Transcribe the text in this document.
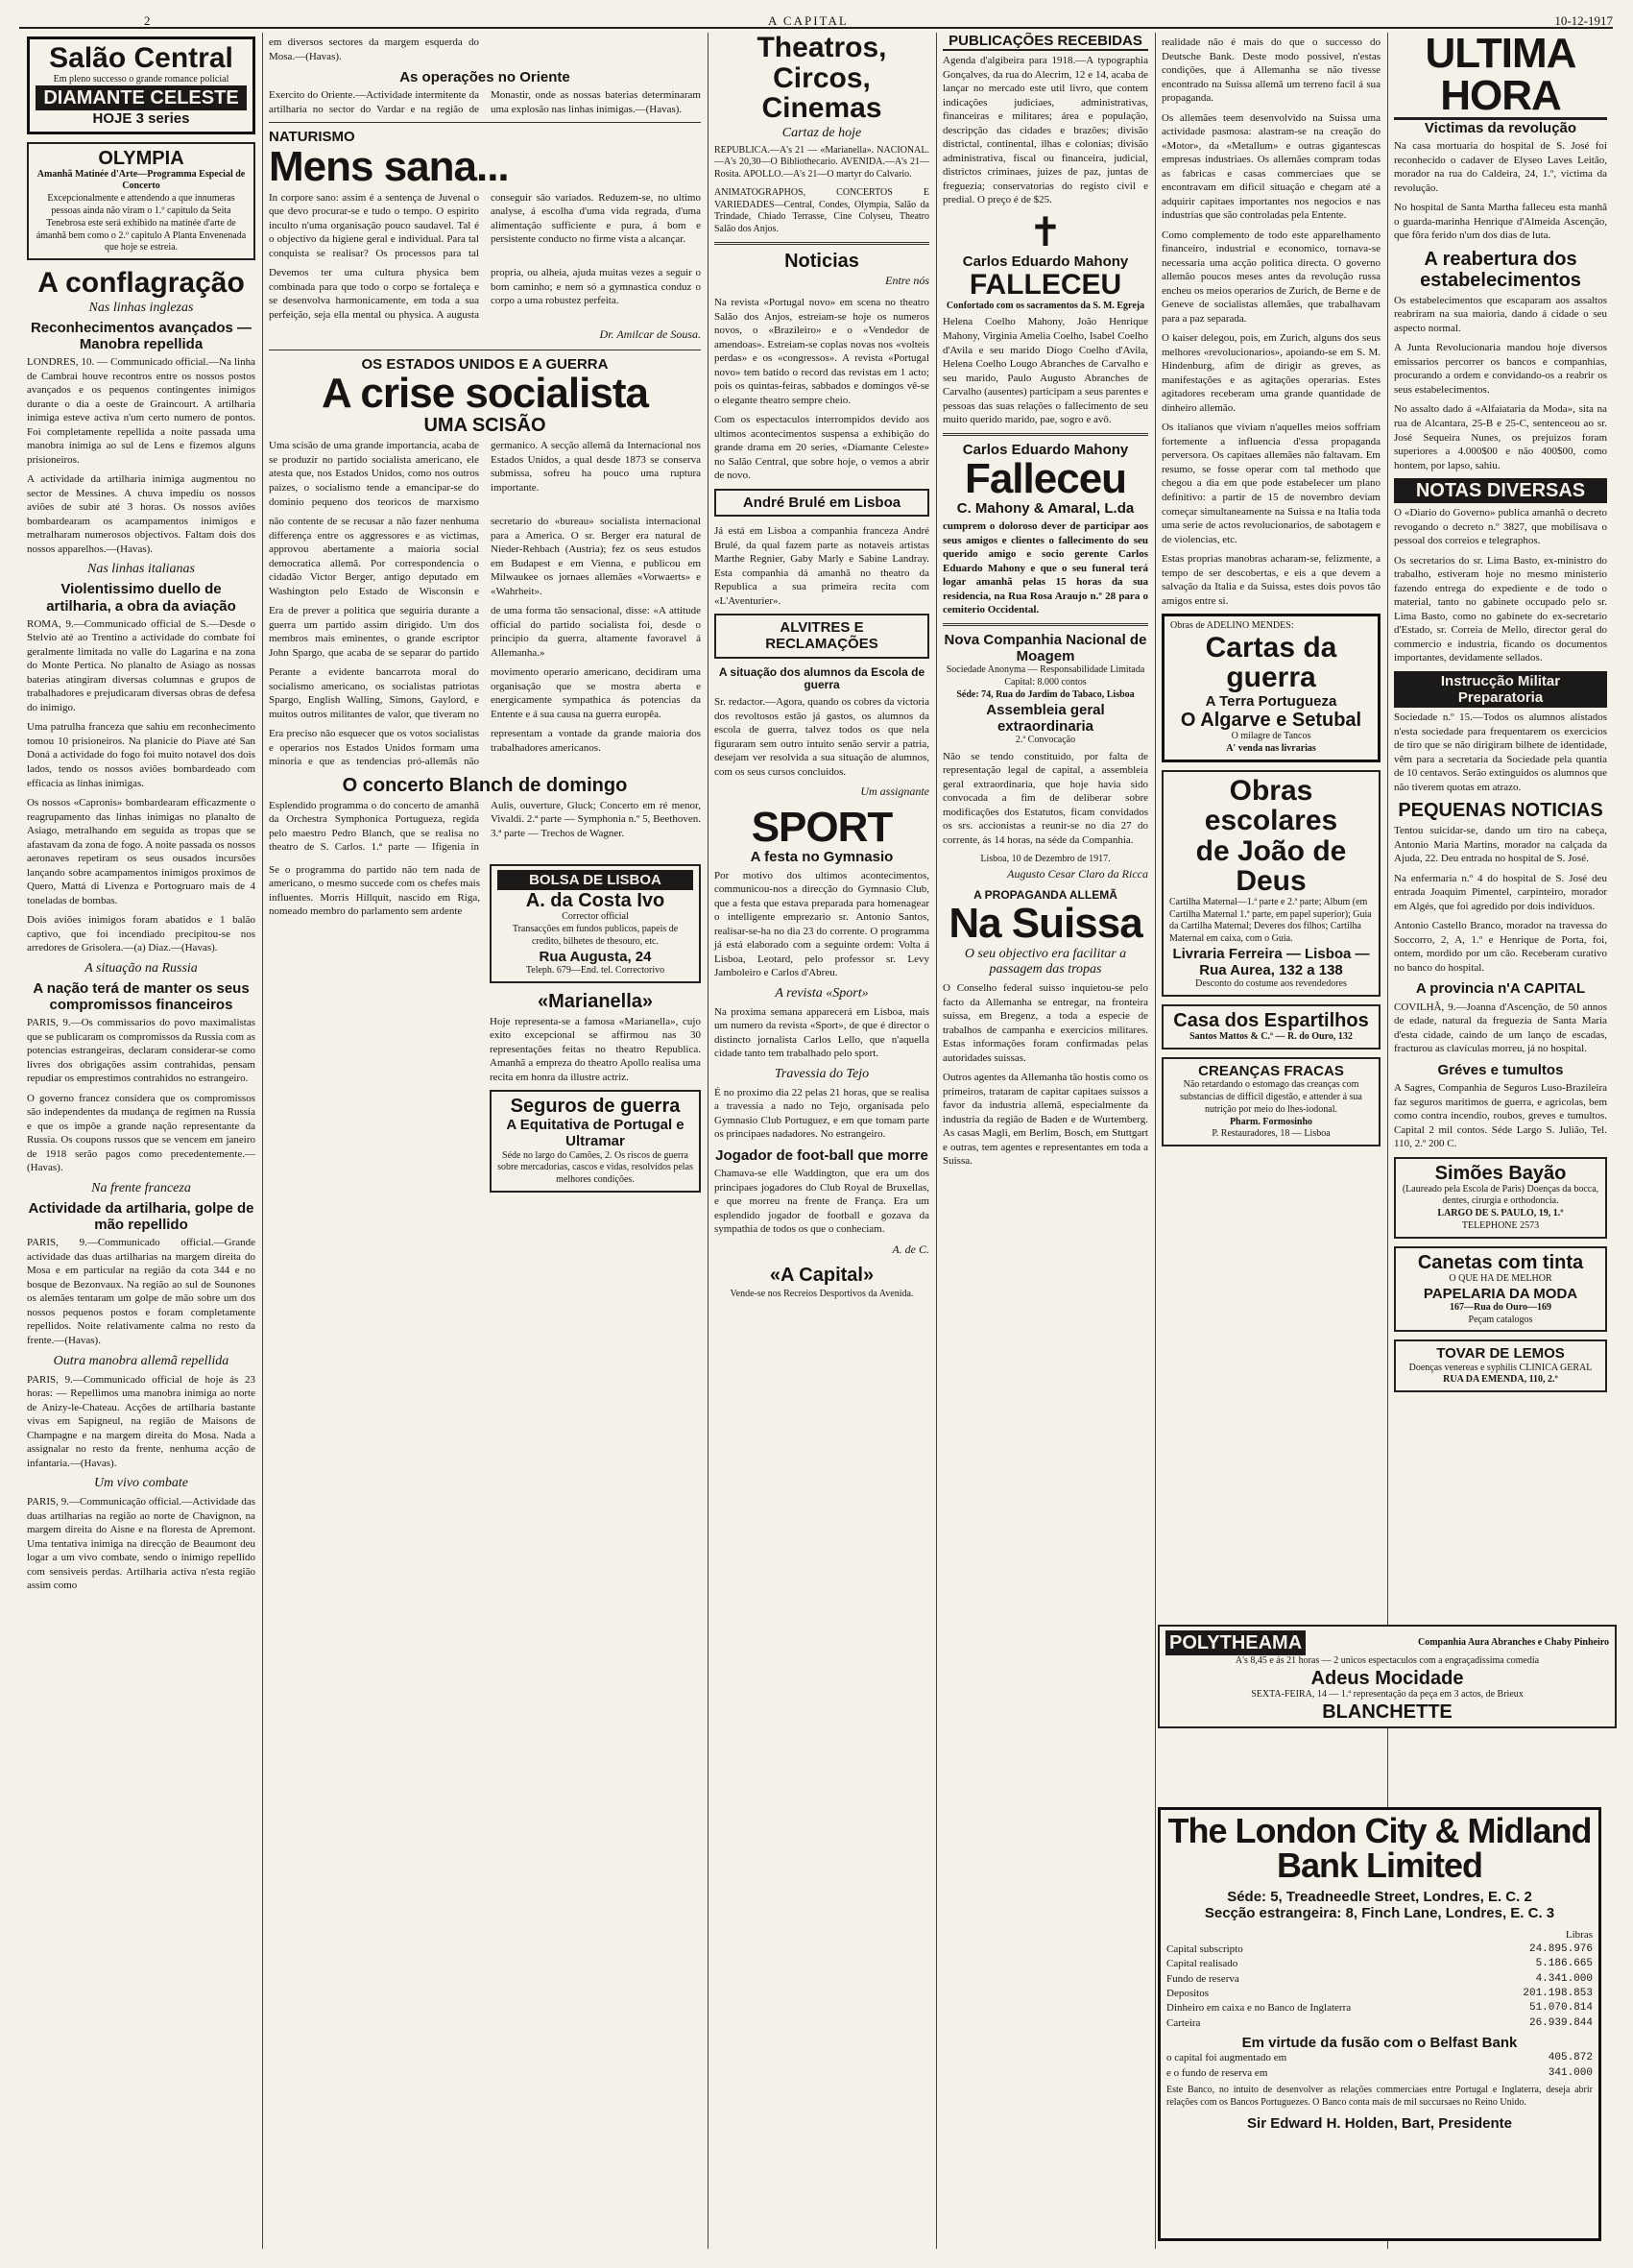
2	A CAPITAL	10-12-1917
Salão Central
Em pleno successo o grande romance policial
DIAMANTE CELESTE
HOJE 3 series
OLYMPIA
Amanhã Matinée d'Arte—Programma Especial de Concerto
Excepcionalmente e attendendo a que innumeras pessoas ainda não viram o 1.º capitulo da Seita Tenebrosa este será exhibido na matinée d'arte de ámanhã bem como o 2.º capitulo A Planta Envenenada que hoje se estreia.
A conflagração
Nas linhas inglezas
Reconhecimentos avançados —Manobra repellida

LONDRES, 10. — Communicado official.—Na linha de Cambrai houve recontros entre os nossos postos avançados e os pequenos contingentes inimigos durante o dia a oeste de Graincourt. A artilharia inimiga esteve activa n'um certo numero de pontos. Foi completamente repellida a noite passada uma manobra inimiga ao sul de Lens e fizemos alguns prisioneiros.

A actividade da artilharia inimiga augmentou no sector de Messines. A chuva impediu os nossos aviões de subir até 3 horas. Os nossos aviões bombardearam os acampamentos inimigos e metralharam numerosos objectivos. Faltam dois dos nossos apparelhos.—(Havas).

Nas linhas italianas
Violentissimo duello de artilharia, a obra da aviação

ROMA, 9.—Communicado official de S.—Desde o Stelvio até ao Trentino a actividade do combate foi geralmente limitada no valle do Lagarina e na zona do Monte Pertica. No planalto de Asiago as nossas baterias atingiram diversas columnas e grupos de trabalhadores e prejudicaram diversas obras de defesa do inimigo.

Uma patrulha franceza que sahiu em reconhecimento tomou 10 prisioneiros. Na planicie do Piave até San Doná a actividade do fogo foi muito notavel dos dois lados, tendo os nossos aviões bombardeado com efficacia as linhas inimigas.

Os nossos «Capronis» bombardearam efficazmente o reagrupamento das linhas inimigas no planalto de Asiago, metralhando em seguida as tropas que se afastavam da zona de fogo. A noite passada os nossos aeronaves repetiram os seus ousados incursões lançando sobre acampamentos inimigos proximos de Quero, Mattá di Livenza e Portogruaro mais de 4 toneladas de bombas.

Dois aviões inimigos foram abatidos e 1 balão captivo, que foi incendiado precipitou-se nos arredores de Grisolera.—(a) Diaz.—(Havas).

A situação na Russia
A nação terá de manter os seus compromissos financeiros

PARIS, 9.—Os commissarios do povo maximalistas que se publicaram os compromissos da Russia com as potencias estrangeiras, declaram considerar-se como livres dos obrigações assim contrahidas, pensam repudiar os emprestimos contrahidos no estrangeiro.

O governo francez considera que os compromissos são independentes da mudança de regimen na Russia e que os impõe a grande nação representante da Russia. Os coupons russos que se vencem em janeiro de 1918 serão pagos como precedentemente.—(Havas).

Na frente franceza
Actividade da artilharia, golpe de mão repellido

PARIS, 9.—Communicado official.—Grande actividade das duas artilharias na margem direita do Mosa e em particular na região da cota 344 e no bosque de Bezonvaux. Na região ao sul de Sounones os alemães tentaram um golpe de mão sobre um dos nossos pequenos postos e foram completamente repellidos. Noite relativamente calma no resto da frente.—(Havas).

Outra manobra allemã repellida

PARIS, 9.—Communicado official de hoje ás 23 horas: — Repellimos uma manobra inimiga ao norte de Anizy-le-Chateau. Acções de artilharia bastante vivas em Sapigneul, na região de Maisons de Champagne e na margem direita do Mosa. Nada a assignalar no resto da frente, nenhuma acção de infantaria.—(Havas).

Um vivo combate

PARIS, 9.—Communicação official.—Actividade das duas artilharias na região ao norte de Chavignon, na margem direita do Aisne e na floresta de Apremont. Uma tentativa inimiga na direcção de Beaumont deu logar a um vivo combate, sendo o inimigo repellido com sensiveis perdas. Artilharia activa n'esta região assim como

em diversos sectores da margem esquerda do Mosa.—(Havas).

As operações no Oriente

Exercito do Oriente.—Actividade intermitente da artilharia no sector do Vardar e na região de Monastir, onde as nossas baterias determinaram uma explosão nas linhas inimigas.—(Havas).

NATURISMO
Mens sana...

In corpore sano: assim é a sentença de Juvenal o que devo procurar-se e tudo o tempo. O espirito inculto n'uma organisação pouco saudavel. Tal é o objectivo da higiene geral e individual. Para tal conquista se realisar? Os processos para tal conseguir são variados. Reduzem-se, no ultimo analyse, á escolha d'uma vida regrada, d'uma alimentação sufficiente e pura, á bom e persistente conducto no firme vista a alcançar.

Devemos ter uma cultura physica bem combinada para que todo o corpo se fortaleça e se desenvolva harmonicamente, em toda a sua perfeição, seja ella mental ou physica. A augusta propria, ou alheia, ajuda muitas vezes a seguir o bom caminho; e nem só a gymnastica conduz o corpo a uma robustez perfeita.

Dr. Amilcar de Sousa.
OS ESTADOS UNIDOS E A GUERRA
A crise socialista
UMA SCISÃO

Uma scisão de uma grande importancia, acaba de se produzir no partido socialista americano, ele atesta que, nos Estados Unidos, como nos outros paizes, o socialismo tende a emancipar-se do dominio pequeno dos teoricos de marxismo germanico. A secção allemã da Internacional nos Estados Unidos, a qual desde 1873 se conserva submissa, sofreu ha pouco uma ruptura importante.

não contente de se recusar a não fazer nenhuma differença entre os aggressores e as victimas, approvou abertamente a maioria social democratica allemã. Por correspondencia o cidadão Victor Berger, antigo deputado em Washington pelo Estado de Wisconsin e secretario do «bureau» socialista internacional para a America. O sr. Berger era natural de Nieder-Rehbach (Austria); fez os seus estudos em Budapest e em Vienna, e publicou em Milwaukee os jornaes allemães «Vorwaerts» e «Wahrheit».

Era de prever a politica que seguiria durante a guerra um partido assim dirigido. Um dos membros mais eminentes, o grande escriptor John Spargo, que acaba de se separar do partido de uma forma tão sensacional, disse: «A attitude official do partido socialista foi, desde o principio da guerra, altamente favoravel á Allemanha.»

Perante a evidente bancarrota moral do socialismo americano, os socialistas patriotas Spargo, English Walling, Simons, Gaylord, e muitos outros militantes de valor, que tiveram no movimento operario americano, decidiram uma organisação que se mostra aberta e energicamente sympathica ás potencias da Entente e á sua causa na guerra europêa.

Era preciso não esquecer que os votos socialistas e operarios nos Estados Unidos formam uma minoria e que as tendencias pró-allemãs não representam a vontade da grande maioria dos trabalhadores americanos.

O concerto Blanch de domingo

Esplendido programma o do concerto de amanhã da Orchestra Symphonica Portugueza, regida pelo maestro Pedro Blanch, que se realisa no theatro de S. Carlos. 1.ª parte — Ifigenia in Aulis, ouverture, Gluck; Concerto em ré menor, Vivaldi. 2.ª parte — Symphonia n.º 5, Beethoven. 3.ª parte — Trechos de Wagner.

Se o programma do partido não tem nada de americano, o mesmo succede com os chefes mais influentes. Morris Hillquit, nascido em Riga, nomeado membro do parlamento sem ardente

BOLSA DE LISBOA
A. da Costa Ivo
Corrector official
Transacções em fundos publicos, papeis de credito, bilhetes de thesouro, etc.
Rua Augusta, 24
Teleph. 679—End. tel. Correctorivo
«Marianella»

Hoje representa-se a famosa «Marianella», cujo exito excepcional se affirmou nas 30 representações feitas no theatro Republica. Amanhã a empreza do theatro Apollo realisa uma recita em honra da illustre actriz.

Seguros de guerra
A Equitativa de Portugal e Ultramar
Séde no largo do Camões, 2. Os riscos de guerra sobre mercadorias, cascos e vidas, resolvidos pelas melhores condições.
Theatros, Circos, Cinemas
Cartaz de hoje

REPUBLICA.—A's 21 — «Marianella». NACIONAL.—A's 20,30—O Bibliothecario. AVENIDA.—A's 21—Rosita. APOLLO.—A's 21—O martyr do Calvario.

ANIMATOGRAPHOS, CONCERTOS E VARIEDADES—Central, Condes, Olympia, Salão da Trindade, Chiado Terrasse, Cine Colyseu, Theatro Salão dos Anjos.

Noticias
Entre nós

Na revista «Portugal novo» em scena no theatro Salão dos Anjos, estreiam-se hoje os numeros novos, o «Brazileiro» e o «Vendedor de amendoas». Estreiam-se coplas novas nos «volteis perdas» e os «congressos». A revista «Portugal novo» tem batido o record das revistas em 1 acto; pois os quintas-feiras, sabbados e domingos vê-se o elegante theatro sempre cheio.

Com os espectaculos interrompidos devido aos ultimos acontecimentos suspensa a exhibição do grande drama em 20 series, «Diamante Celeste» no Salão Central, que sobre hoje, o vemos a abrir de novo.

André Brulé em Lisboa

Já está em Lisboa a companhia franceza André Brulé, da qual fazem parte as notaveis artistas Marthe Regnier, Gaby Marly e Sabine Landray. Esta companhia dá amanhã no theatro da Republica a sua primeira recita com «L'Aventurier».

ALVITRES E RECLAMAÇÕES
A situação dos alumnos da Escola de guerra

Sr. redactor.—Agora, quando os cobres da victoria dos revoltosos estão já gastos, os alumnos da escola de guerra, talvez todos os que nela figuraram sem outro intuito senão servir a patria, desejam ver resolvida a sua situação de alumnos, com os seus cursos concluidos.

Um assignante
SPORT
A festa no Gymnasio

Por motivo dos ultimos acontecimentos, communicou-nos a direcção do Gymnasio Club, que a festa que estava preparada para homenagear o intelligente emprezario sr. Antonio Santos, realisar-se-ha no dia 23 do corrente. O programma já está elaborado com a seguinte ordem: Volta á Lisboa, Leotard, pelo professor sr. Levy Jamboleiro e Carlos d'Abreu.

A revista «Sport»

Na proxima semana apparecerá em Lisboa, mais um numero da revista «Sport», de que é director o distincto jornalista Carlos Lello, que n'aquella cidade tanto tem trabalhado pelo sport.

Travessia do Tejo

É no proximo dia 22 pelas 21 horas, que se realisa a travessia a nado no Tejo, organisada pelo Gymnasio Club Portuguez, e em que tomam parte os principaes nadadores. No estrangeiro.

Jogador de foot-ball que morre

Chamava-se elle Waddington, que era um dos principaes jogadores do Club Royal de Bruxellas, e que morreu na frente de França. Era um esplendido jogador de football e gozava da sympathia de todos os que o conheciam.

A. de C.
«A Capital»

Vende-se nos Recreios Desportivos da Avenida.

PUBLICAÇÕES RECEBIDAS

Agenda d'algibeira para 1918.—A typographia Gonçalves, da rua do Alecrim, 12 e 14, acaba de lançar no mercado este util livro, que contem indicações judiciaes, administrativas, financeiras e militares; área e população, descripção das cidades e brazões; divisão districtal, continental, ilhas e colonias; divisão administrativa, fiscal ou financeira, judicial, districtos criminaes, juizes de paz, juntas de freguezia; conservatorias do registo civil e predial. O preço é de $25.

✝
Carlos Eduardo Mahony
FALLECEU
Confortado com os sacramentos da S. M. Egreja

Helena Coelho Mahony, João Henrique Mahony, Virginia Amelia Coelho, Isabel Coelho d'Avila e seu marido Diogo Coelho d'Avila, Helena Coelho Lougo Abranches de Carvalho e seu marido, Paulo Augusto Abranches de Carvalho (ausentes) participam a seus parentes e pessoas das suas relações o fallecimento de seu muito querido marido, pae, sogro e avô.

Carlos Eduardo Mahony
Falleceu
C. Mahony & Amaral, L.da

cumprem o doloroso dever de participar aos seus amigos e clientes o fallecimento do seu querido amigo e socio gerente Carlos Eduardo Mahony e que o seu funeral terá logar amanhã pelas 15 horas da sua residencia, na Rua Rosa Araujo n.º 28 para o cemiterio Occidental.

Nova Companhia Nacional de Moagem
Sociedade Anonyma — Responsabilidade Limitada
Capital: 8.000 contos
Séde: 74, Rua do Jardim do Tabaco, Lisboa
Assembleia geral extraordinaria
2.ª Convocação

Não se tendo constituido, por falta de representação legal de capital, a assembleia geral extraordinaria, que hoje havia sido convocada a fim de deliberar sobre modificações dos Estatutos, ficam convidados os srs. accionistas a reunir-se no dia 27 do corrente, ás 14 horas, na séde da Companhia.

Lisboa, 10 de Dezembro de 1917.
Augusto Cesar Claro da Ricca
A PROPAGANDA ALLEMÃ
Na Suissa
O seu objectivo era facilitar a passagem das tropas

O Conselho federal suisso inquietou-se pelo facto da Allemanha se entregar, na fronteira suissa, em Bregenz, a toda a especie de trabalhos de campanha e exercicios militares. Estas informações foram confirmadas pelas autoridades suissas.

Outros agentes da Allemanha tão hostis como os primeiros, trataram de capitar capitaes suissos a favor da industria allemã, especialmente da industria da região de Baden e de Wurtemberg. As casas Magli, em Berlim, Bosch, em Stuttgart e outras, tem agentes e representantes em toda a Suissa.

realidade não é mais do que o successo do Deutsche Bank. Deste modo possivel, n'estas condições, que á Allemanha se não tivesse encontrado na Suissa allemã um terreno facil á sua propaganda.

Os allemães teem desenvolvido na Suissa uma actividade pasmosa: alastram-se na creação do «Motor», da «Metallum» e outras gigantescas empresas industriaes. Os allemães compram todas as fabricas e casas commerciaes que se encontravam em dificil situação e chegam até a adquirir capitaes importantes nos negocios e nas industrias que são controladas pela Entente.

Como complemento de todo este apparelhamento financeiro, industrial e economico, tornava-se necessaria uma acção politica directa. O governo allemão poucos meses antes da revolução russa encheu os meios operarios de Zurich, de Berne e de Geneve de socialistas allemães, que trabalhavam para a paz separada.

O kaiser delegou, pois, em Zurich, alguns dos seus melhores «revolucionarios», apoiando-se em S. M. Hindenburg, afim de dirigir as greves, as manifestações e as agitações operarias. Estes agitadores receberam uma grande quantidade de dinheiro allemão.

Os italianos que viviam n'aquelles meios soffriam fortemente a influencia d'essa propaganda perversora. Os capitaes allemães não faltavam. Em resumo, se fosse operar com tal methodo que chegou a dia em que pode estabelecer um plano definitivo: a partir de 15 de novembro deviam começar simultaneamente na Suissa e na Italia toda uma serie de actos revolucionarios, de sabotagem e de violencias, etc.

Estas proprias manobras acharam-se, felizmente, a tempo de ser descobertas, e eis a que devem a salvação da Italia e da Suissa, estes dois povos tão amigos entre si.

Obras de ADELINO MENDES:
Cartas da guerra
A Terra Portugueza
O Algarve e Setubal
O milagre de Tancos
A' venda nas livrarias
Obras escolares
de João de Deus
Cartilha Maternal—1.ª parte e 2.ª parte; Album (em Cartilha Maternal 1.ª parte, em papel superior); Guia da Cartilha Maternal; Deveres dos filhos; Cartilha Maternal em caixa, com o Guia.
Livraria Ferreira — Lisboa — Rua Aurea, 132 a 138
Desconto do costume aos revendedores
Casa dos Espartilhos
Santos Mattos & C.ª — R. do Ouro, 132
CREANÇAS FRACAS
Não retardando o estomago das creanças com substancias de difficil digestão, e attender á sua nutrição por meio do lhes-iodonal.
Pharm. Formosinho
P. Restauradores, 18 — Lisboa
ULTIMA HORA
Victimas da revolução

Na casa mortuaria do hospital de S. José foi reconhecido o cadaver de Elyseo Laves Leitão, morador na rua do Caldeira, 24, 1.º, victima da revolução.

No hospital de Santa Martha falleceu esta manhã o guarda-marinha Henrique d'Almeida Ascenção, que fôra ferido n'um dos dias de luta.

A reabertura dos estabelecimentos

Os estabelecimentos que escaparam aos assaltos reabriram na sua maioria, dando á cidade o seu aspecto normal.

A Junta Revolucionaria mandou hoje diversos emissarios percorrer os bancos e companhias, procurando a ordem e convidando-os a reabrir os seus estabelecimentos.

No assalto dado á «Alfaiataria da Moda», sita na rua de Alcantara, 25-B e 25-C, sentenceou ao sr. José Sequeira Nunes, os prejuizos foram superiores a 4.000$00 e não 400$00, como hontem, por lapso, sahiu.

NOTAS DIVERSAS

O «Diario do Governo» publica amanhã o decreto revogando o decreto n.º 3827, que mobilisava o pessoal dos correios e telegraphos.

Os secretarios do sr. Lima Basto, ex-ministro do trabalho, estiveram hoje no mesmo ministerio fazendo entrega do expediente e de todo o material, tanto no gabinete occupado pelo sr. Lima Basto, como no gabinete do ex-secretario d'Estado, sr. Correia de Mello, director geral do commercio e industria, ficando os documentos importantes, devidamente sellados.

Instrucção Militar Preparatoria

Sociedade n.º 15.—Todos os alumnos alistados n'esta sociedade para frequentarem os exercicios de tiro que se não dirigiram bilhete de identidade, vêm para a secretaria da Sociedade pela quantia de 10 centavos. Serão extinguidos os alumnos que não tiverem quotas em atrazo.

PEQUENAS NOTICIAS

Tentou suicidar-se, dando um tiro na cabeça, Antonio Maria Martins, morador na calçada da Ajuda, 22. Deu entrada no hospital de S. José.

Na enfermaria n.º 4 do hospital de S. José deu entrada Joaquim Pimentel, carpinteiro, morador em Algés, que foi agredido por dois individuos.

Antonio Castello Branco, morador na travessa do Soccorro, 2, A, 1.º e Henrique de Porta, foi, ontem, mordido por um cão. Receberam curativo no banco do hospital.

A provincia n'A CAPITAL

COVILHÃ, 9.—Joanna d'Ascenção, de 50 annos de edade, natural da freguezia de Santa Maria d'esta cidade, caindo de um lanço de escadas, fracturou as clavículas morreu, já no hospital.

Gréves e tumultos

A Sagres, Companhia de Seguros Luso-Brazileira faz seguros maritimos de guerra, e agricolas, bem como contra incendio, roubos, greves e tumultos. Capital 2 mil contos. Séde Largo S. Julião, Tel. 110, 2.º 200 C.

Simões Bayão
(Laureado pela Escola de Paris) Doenças da bocca, dentes, cirurgia e orthodoncia.
LARGO DE S. PAULO, 19, 1.º
TELEPHONE 2573
Canetas com tinta
O QUE HA DE MELHOR
PAPELARIA DA MODA
167—Rua do Ouro—169
Peçam catalogos
TOVAR DE LEMOS
Doenças venereas e syphilis CLINICA GERAL
RUA DA EMENDA, 110, 2.º
POLYTHEAMA	Companhia Aura Abranches e Chaby Pinheiro
A's 8,45 e ás 21 horas — 2 unicos espectaculos com a engraçadissima comedia
Adeus Mocidade
SEXTA-FEIRA, 14 — 1.ª representação da peça em 3 actos, de Brieux
BLANCHETTE
The London City & Midland Bank Limited
Séde: 5, Treadneedle Street, Londres, E. C. 2
Secção estrangeira: 8, Finch Lane, Londres, E. C. 3
Libras
Capital subscripto	24.895.976
Capital realisado	5.186.665
Fundo de reserva	4.341.000
Depositos	201.198.853
Dinheiro em caixa e no Banco de Inglaterra	51.070.814
Carteira	26.939.844
Em virtude da fusão com o Belfast Bank
o capital foi augmentado em	405.872
e o fundo de reserva em	341.000

Este Banco, no intuito de desenvolver as relações commerciaes entre Portugal e Inglaterra, deseja abrir relações com os Bancos Portuguezes. O Banco conta mais de mil succursaes no Reino Unido.

Sir Edward H. Holden, Bart, Presidente
